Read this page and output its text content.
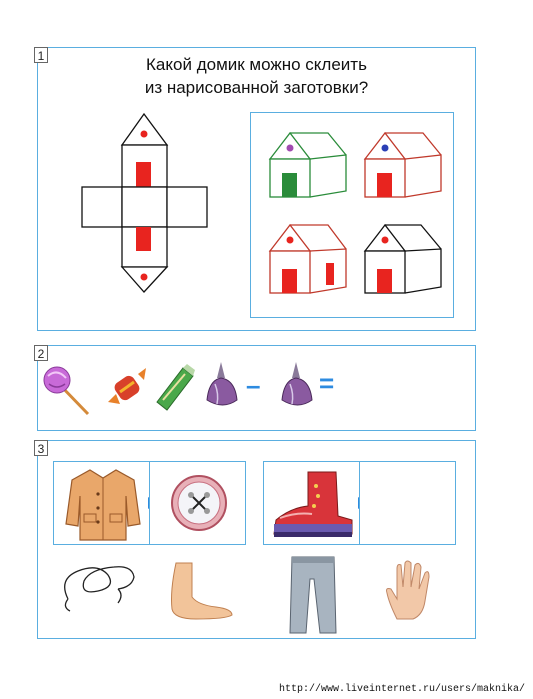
1	Какой домик можно склеить
из нарисованной заготовки?
2
– =
3
http://www.liveinternet.ru/users/maknika/
